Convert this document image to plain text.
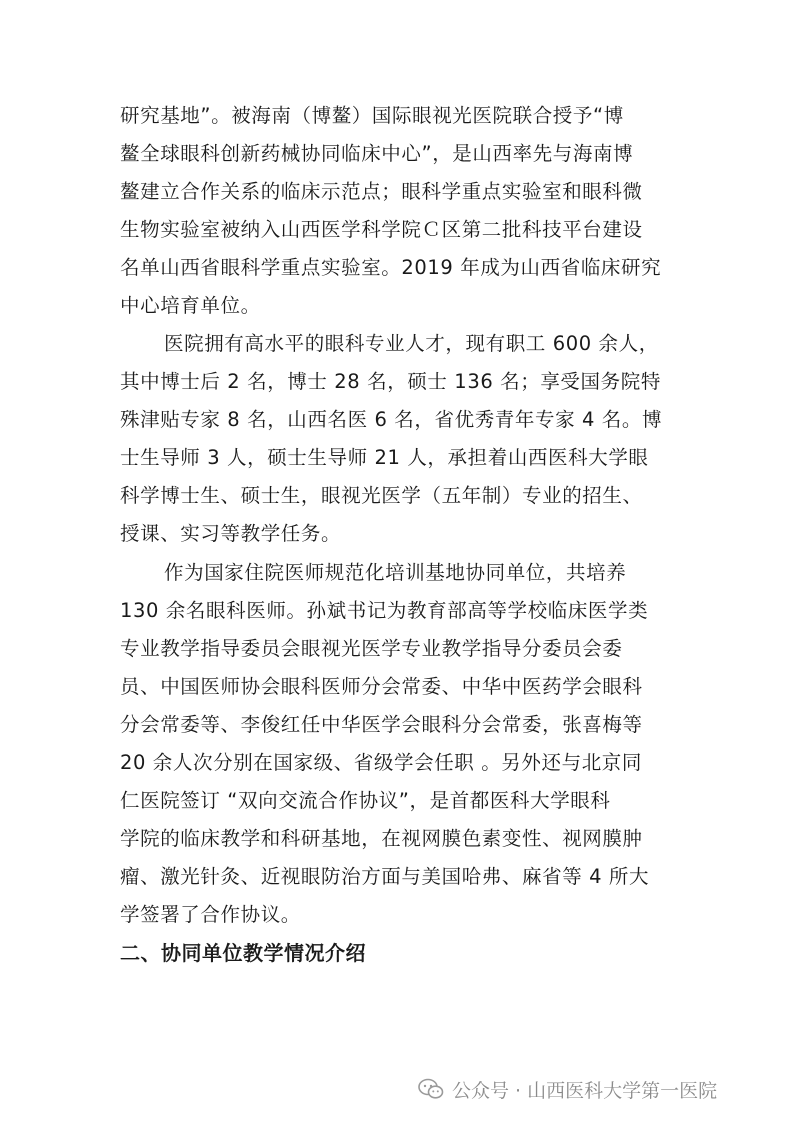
研究基地”。被海南（博鳌）国际眼视光医院联合授予“博
鳌全球眼科创新药械协同临床中心”，是山西率先与海南博
鳌建立合作关系的临床示范点；眼科学重点实验室和眼科微
生物实验室被纳入山西医学科学院Ｃ区第二批科技平台建设
名单山西省眼科学重点实验室。2019 年成为山西省临床研究
中心培育单位。
医院拥有高水平的眼科专业人才，现有职工 600 余人，
其中博士后 2 名，博士 28 名，硕士 136 名；享受国务院特
殊津贴专家 8 名，山西名医 6 名，省优秀青年专家 4 名。博
士生导师 3 人，硕士生导师 21 人，承担着山西医科大学眼
科学博士生、硕士生，眼视光医学（五年制）专业的招生、
授课、实习等教学任务。
作为国家住院医师规范化培训基地协同单位，共培养
130 余名眼科医师。孙斌书记为教育部高等学校临床医学类
专业教学指导委员会眼视光医学专业教学指导分委员会委
员、中国医师协会眼科医师分会常委、中华中医药学会眼科
分会常委等、李俊红任中华医学会眼科分会常委，张喜梅等
20 余人次分别在国家级、省级学会任职 。另外还与北京同
仁医院签订 “双向交流合作协议”，是首都医科大学眼科
学院的临床教学和科研基地，在视网膜色素变性、视网膜肿
瘤、激光针灸、近视眼防治方面与美国哈弗、麻省等 4 所大
学签署了合作协议。
二、协同单位教学情况介绍
公众号 · 山西医科大学第一医院
